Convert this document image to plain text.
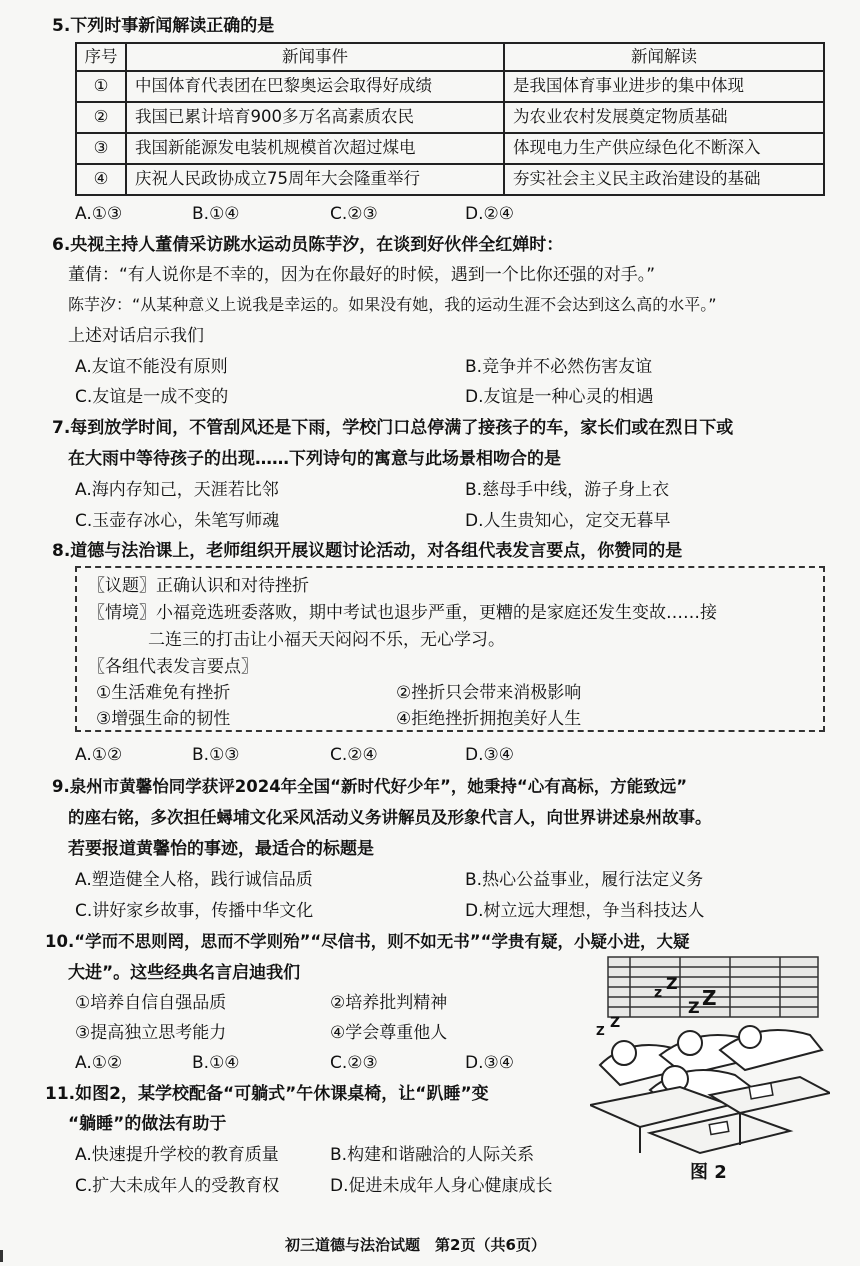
5.下列时事新闻解读正确的是
序号	新闻事件	新闻解读
①	中国体育代表团在巴黎奥运会取得好成绩	是我国体育事业进步的集中体现
②	我国已累计培育900多万名高素质农民	为农业农村发展奠定物质基础
③	我国新能源发电装机规模首次超过煤电	体现电力生产供应绿色化不断深入
④	庆祝人民政协成立75周年大会隆重举行	夯实社会主义民主政治建设的基础
A.①③	B.①④	C.②③	D.②④
6.央视主持人董倩采访跳水运动员陈芋汐，在谈到好伙伴全红婵时：
董倩：“有人说你是不幸的，因为在你最好的时候，遇到一个比你还强的对手。”
陈芋汐：“从某种意义上说我是幸运的。如果没有她，我的运动生涯不会达到这么高的水平。”
上述对话启示我们
A.友谊不能没有原则	B.竞争并不必然伤害友谊
C.友谊是一成不变的	D.友谊是一种心灵的相遇
7.每到放学时间，不管刮风还是下雨，学校门口总停满了接孩子的车，家长们或在烈日下或
在大雨中等待孩子的出现……下列诗句的寓意与此场景相吻合的是
A.海内存知己，天涯若比邻	B.慈母手中线，游子身上衣
C.玉壶存冰心，朱笔写师魂	D.人生贵知心，定交无暮早
8.道德与法治课上，老师组织开展议题讨论活动，对各组代表发言要点，你赞同的是
〖议题〗正确认识和对待挫折
〖情境〗小福竞选班委落败，期中考试也退步严重，更糟的是家庭还发生变故……接
二连三的打击让小福天天闷闷不乐，无心学习。
〖各组代表发言要点〗
①生活难免有挫折	②挫折只会带来消极影响
③增强生命的韧性	④拒绝挫折拥抱美好人生
A.①②	B.①③	C.②④	D.③④
9.泉州市黄馨怡同学获评2024年全国“新时代好少年”，她秉持“心有高标，方能致远”
的座右铭，多次担任蟳埔文化采风活动义务讲解员及形象代言人，向世界讲述泉州故事。
若要报道黄馨怡的事迹，最适合的标题是
A.塑造健全人格，践行诚信品质	B.热心公益事业，履行法定义务
C.讲好家乡故事，传播中华文化	D.树立远大理想，争当科技达人
10.“学而不思则罔，思而不学则殆”“尽信书，则不如无书”“学贵有疑，小疑小进，大疑
大进”。这些经典名言启迪我们
①培养自信自强品质	②培养批判精神
③提高独立思考能力	④学会尊重他人
A.①②	B.①④	C.②③	D.③④
11.如图2，某学校配备“可躺式”午休课桌椅，让“趴睡”变
“躺睡”的做法有助于
A.快速提升学校的教育质量	B.构建和谐融洽的人际关系
C.扩大未成年人的受教育权	D.促进未成年人身心健康成长
z Z
Z Z
Z Z
图 2
初三道德与法治试题　第2页（共6页）
